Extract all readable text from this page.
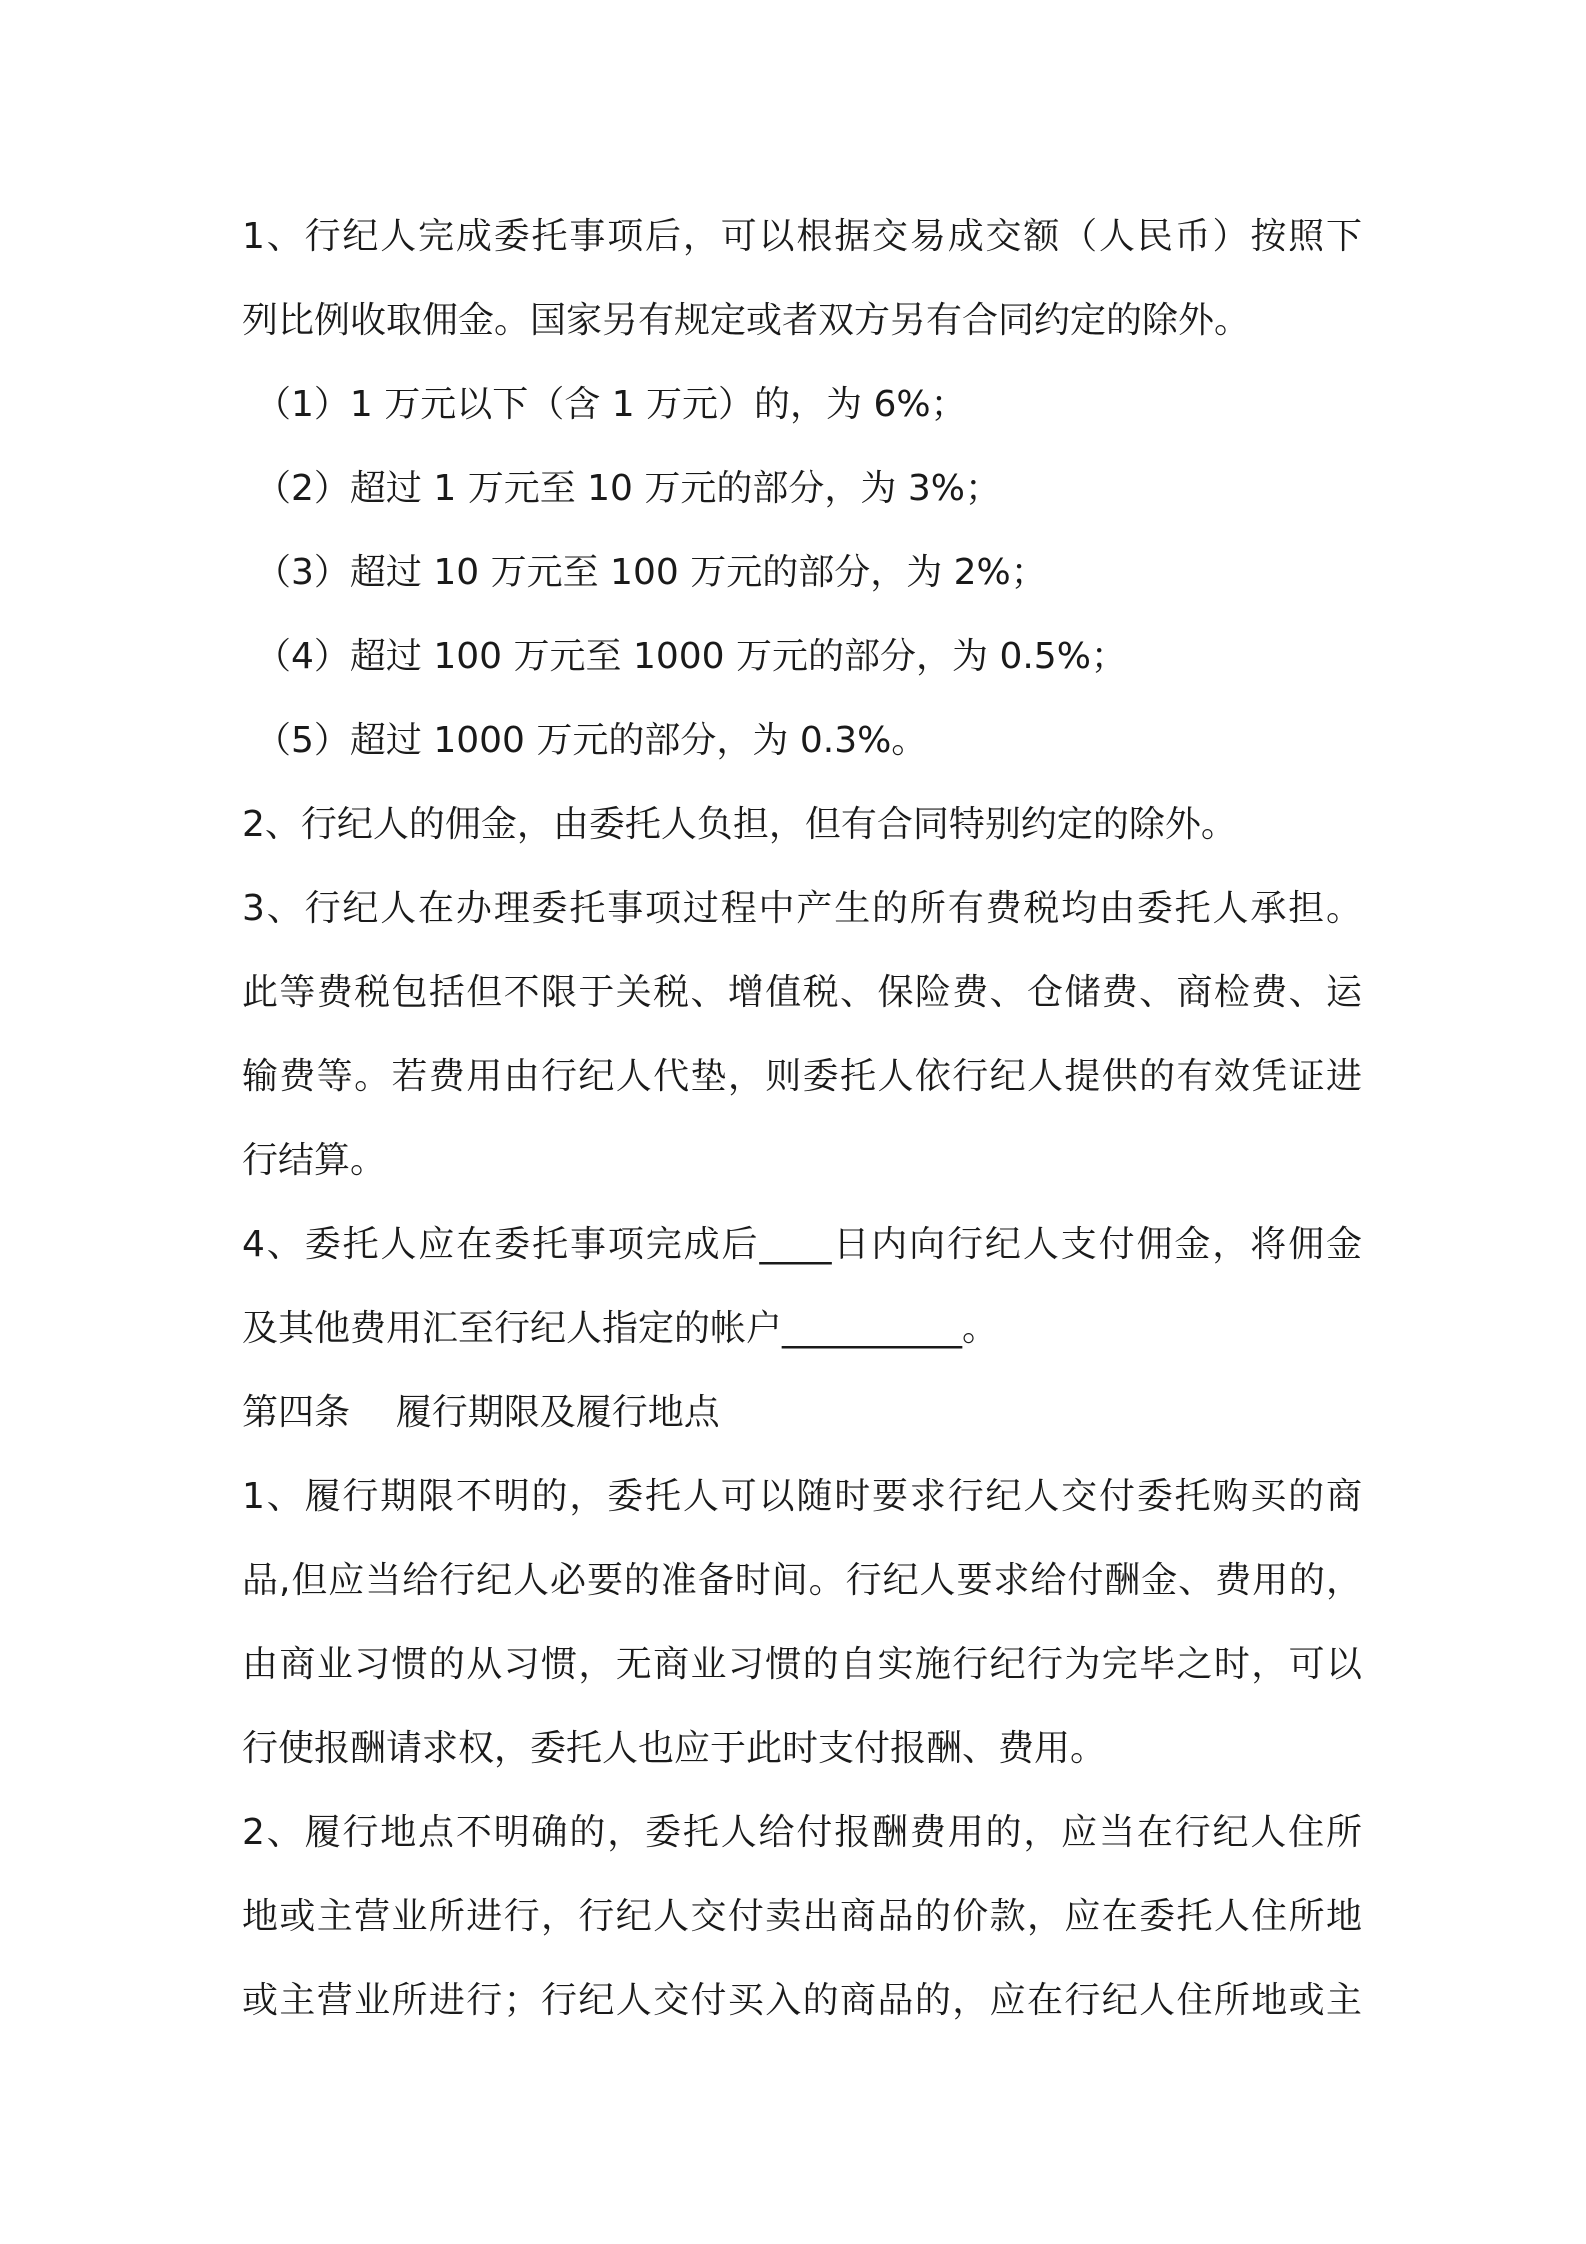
1、行纪人完成委托事项后，可以根据交易成交额（人民币）按照下
列比例收取佣金。国家另有规定或者双方另有合同约定的除外。
（1）1 万元以下（含 1 万元）的，为 6%；
（2）超过 1 万元至 10 万元的部分，为 3%；
（3）超过 10 万元至 100 万元的部分，为 2%；
（4）超过 100 万元至 1000 万元的部分，为 0.5%；
（5）超过 1000 万元的部分，为 0.3%。
2、行纪人的佣金，由委托人负担，但有合同特别约定的除外。
3、行纪人在办理委托事项过程中产生的所有费税均由委托人承担。
此等费税包括但不限于关税、增值税、保险费、仓储费、商检费、运
输费等。若费用由行纪人代垫，则委托人依行纪人提供的有效凭证进
行结算。
4、委托人应在委托事项完成后____日内向行纪人支付佣金，将佣金
及其他费用汇至行纪人指定的帐户__________。
第四条    履行期限及履行地点
1、履行期限不明的，委托人可以随时要求行纪人交付委托购买的商
品,但应当给行纪人必要的准备时间。行纪人要求给付酬金、费用的，
由商业习惯的从习惯，无商业习惯的自实施行纪行为完毕之时，可以
行使报酬请求权，委托人也应于此时支付报酬、费用。
2、履行地点不明确的，委托人给付报酬费用的，应当在行纪人住所
地或主营业所进行，行纪人交付卖出商品的价款，应在委托人住所地
或主营业所进行；行纪人交付买入的商品的，应在行纪人住所地或主
